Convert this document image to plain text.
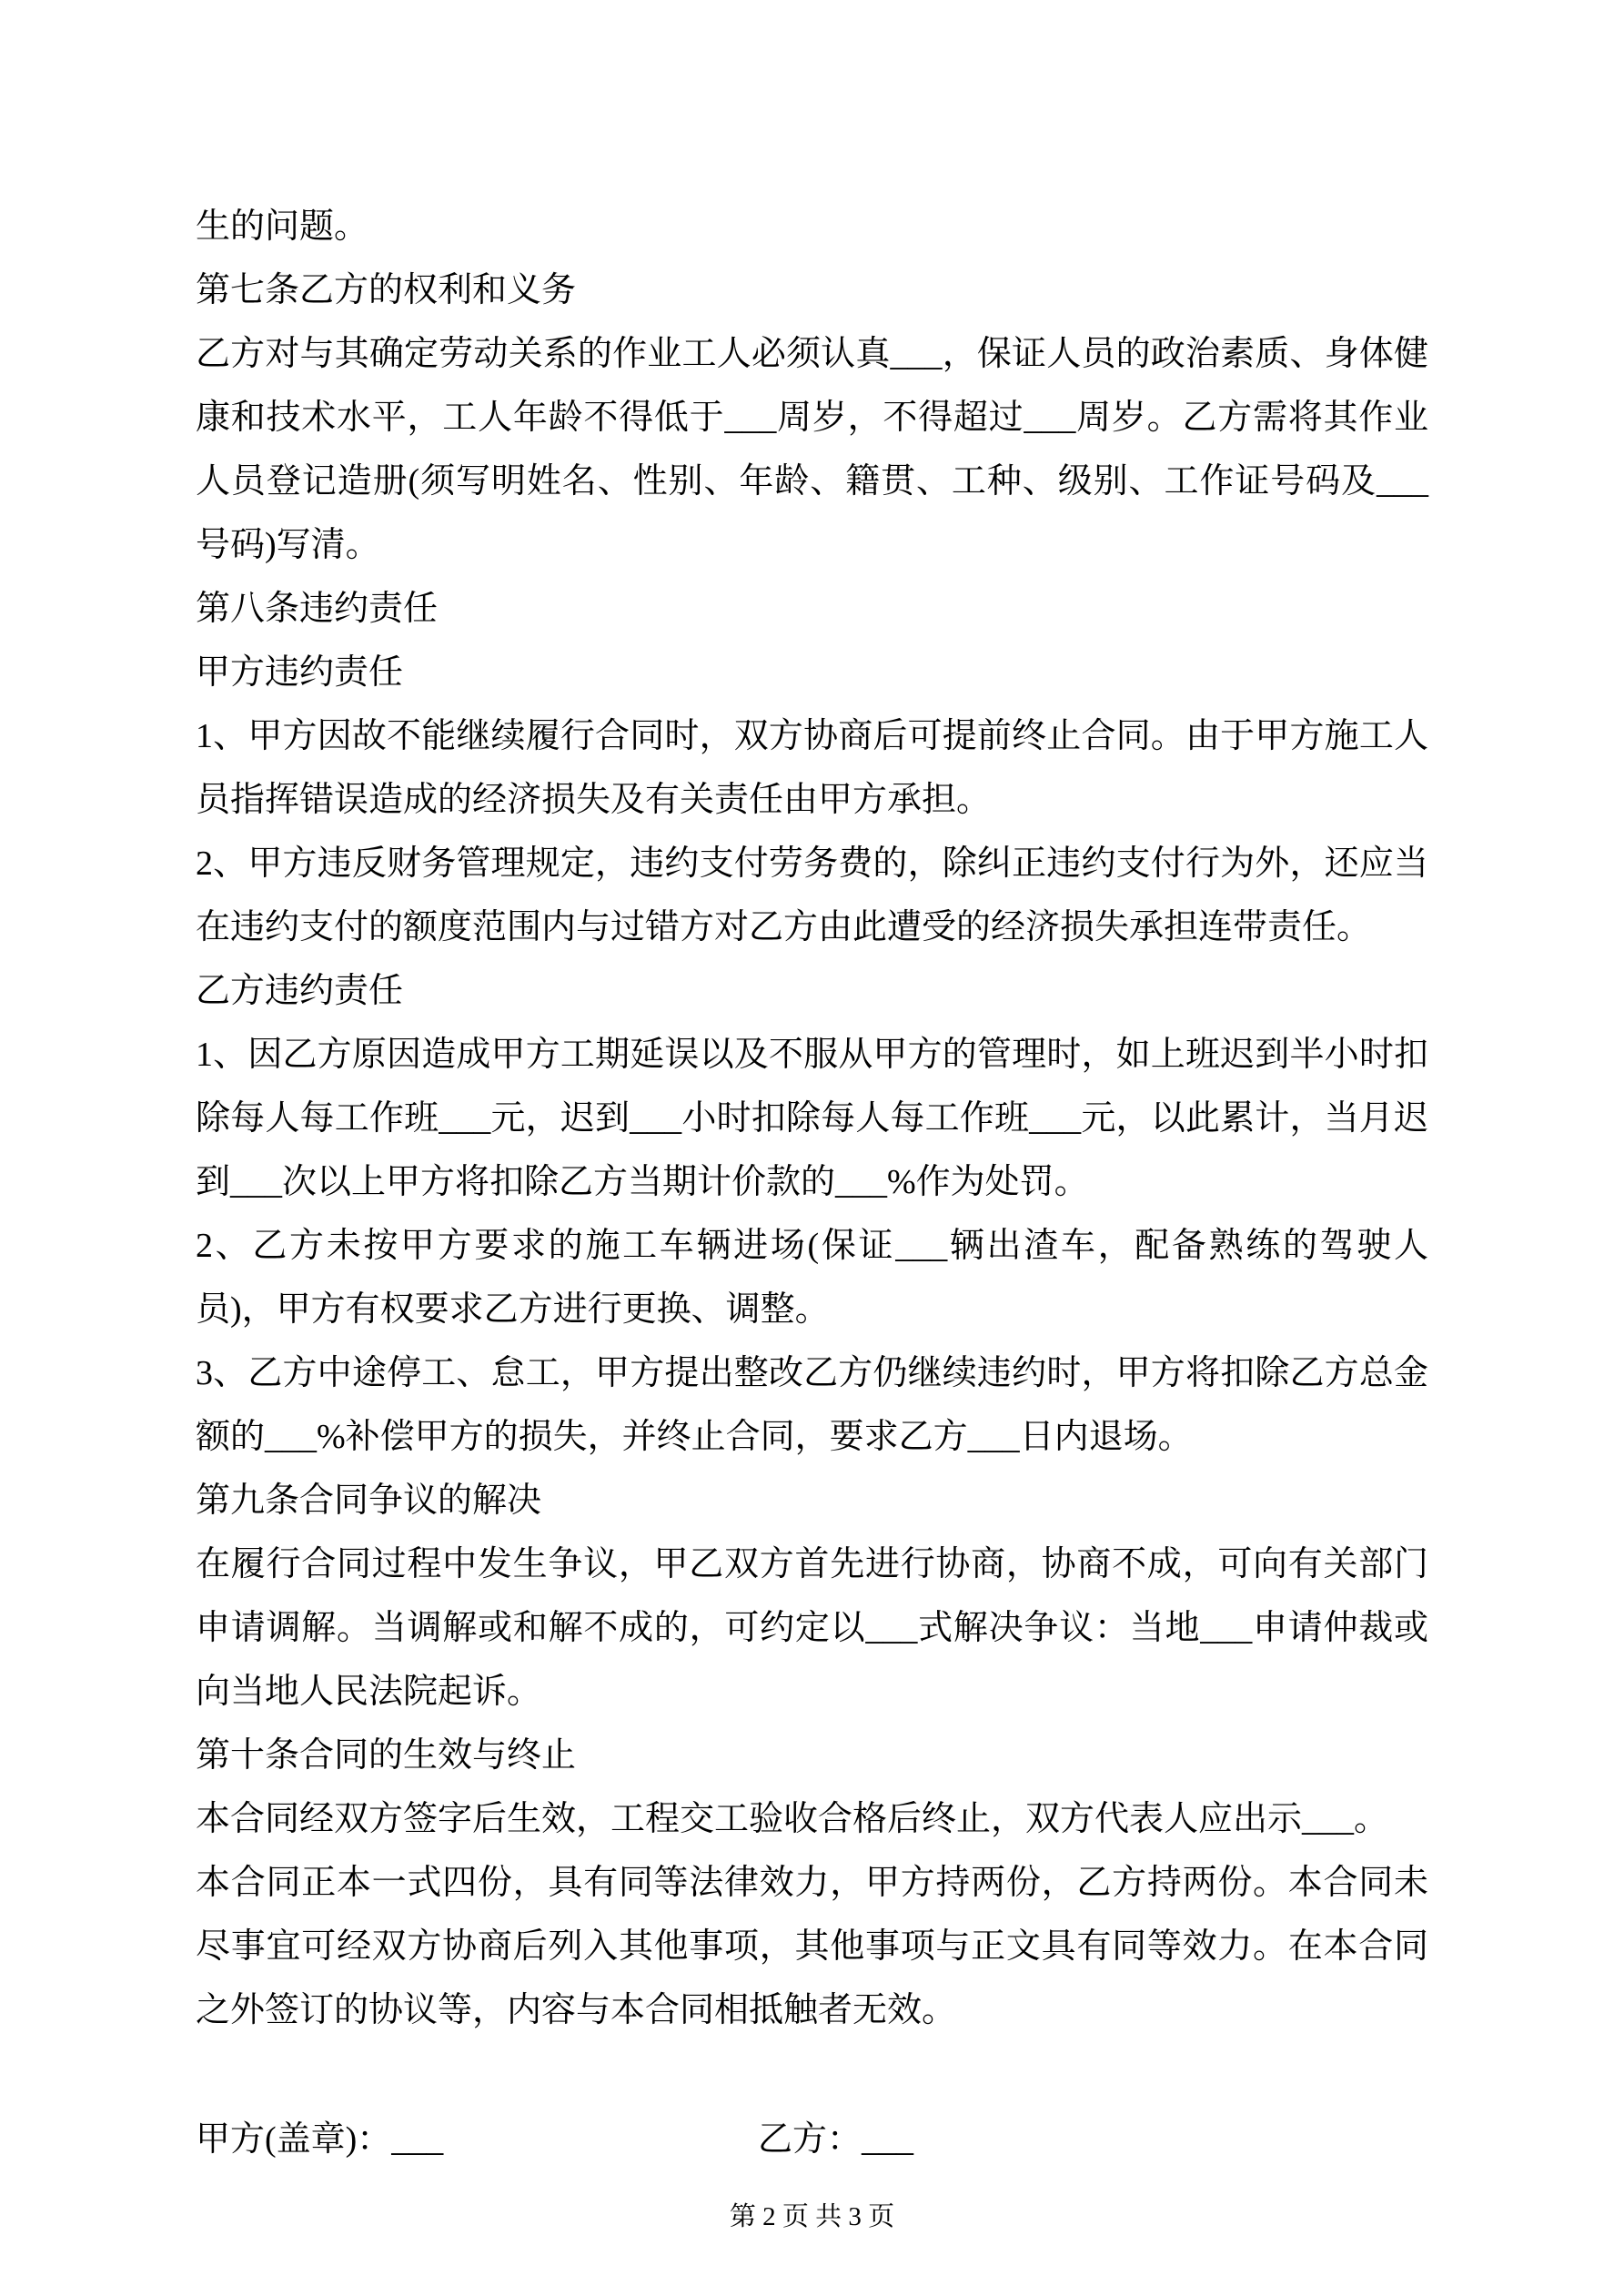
生的问题。

第七条乙方的权利和义务

乙方对与其确定劳动关系的作业工人必须认真___，保证人员的政治素质、身体健康和技术水平，工人年龄不得低于___周岁，不得超过___周岁。乙方需将其作业人员登记造册(须写明姓名、性别、年龄、籍贯、工种、级别、工作证号码及___号码)写清。

第八条违约责任

甲方违约责任

1、甲方因故不能继续履行合同时，双方协商后可提前终止合同。由于甲方施工人员指挥错误造成的经济损失及有关责任由甲方承担。

2、甲方违反财务管理规定，违约支付劳务费的，除纠正违约支付行为外，还应当在违约支付的额度范围内与过错方对乙方由此遭受的经济损失承担连带责任。

乙方违约责任

1、因乙方原因造成甲方工期延误以及不服从甲方的管理时，如上班迟到半小时扣除每人每工作班___元，迟到___小时扣除每人每工作班___元，以此累计，当月迟到___次以上甲方将扣除乙方当期计价款的___%作为处罚。

2、乙方未按甲方要求的施工车辆进场(保证___辆出渣车，配备熟练的驾驶人员)，甲方有权要求乙方进行更换、调整。

3、乙方中途停工、怠工，甲方提出整改乙方仍继续违约时，甲方将扣除乙方总金额的___%补偿甲方的损失，并终止合同，要求乙方___日内退场。

第九条合同争议的解决

在履行合同过程中发生争议，甲乙双方首先进行协商，协商不成，可向有关部门申请调解。当调解或和解不成的，可约定以___式解决争议：当地___申请仲裁或向当地人民法院起诉。

第十条合同的生效与终止

本合同经双方签字后生效，工程交工验收合格后终止，双方代表人应出示___。

本合同正本一式四份，具有同等法律效力，甲方持两份，乙方持两份。本合同未尽事宜可经双方协商后列入其他事项，其他事项与正文具有同等效力。在本合同之外签订的协议等，内容与本合同相抵触者无效。

甲方(盖章)：___	乙方：___
第 2 页 共 3 页
